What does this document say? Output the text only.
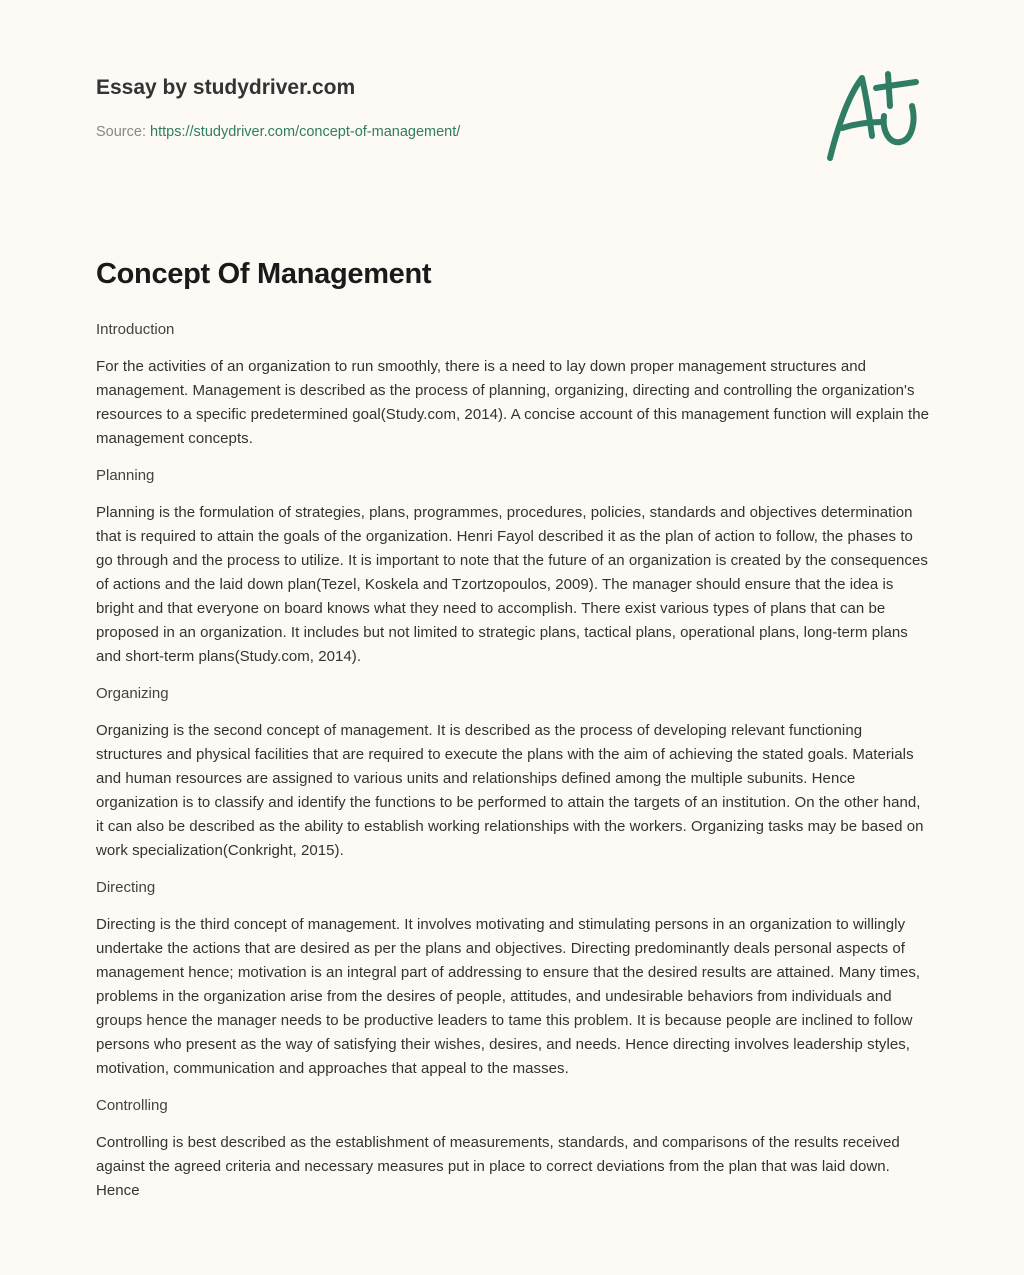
Essay by studydriver.com
Source: https://studydriver.com/concept-of-management/
Concept Of Management

Introduction

For the activities of an organization to run smoothly, there is a need to lay down proper management structures and management. Management is described as the process of planning, organizing, directing and controlling the organization's resources to a specific predetermined goal(Study.com, 2014). A concise account of this management function will explain the management concepts.

Planning

Planning is the formulation of strategies, plans, programmes, procedures, policies, standards and objectives determination that is required to attain the goals of the organization. Henri Fayol described it as the plan of action to follow, the phases to go through and the process to utilize. It is important to note that the future of an organization is created by the consequences of actions and the laid down plan(Tezel, Koskela and Tzortzopoulos, 2009). The manager should ensure that the idea is bright and that everyone on board knows what they need to accomplish. There exist various types of plans that can be proposed in an organization. It includes but not limited to strategic plans, tactical plans, operational plans, long-term plans and short-term plans(Study.com, 2014).

Organizing

Organizing is the second concept of management. It is described as the process of developing relevant functioning structures and physical facilities that are required to execute the plans with the aim of achieving the stated goals. Materials and human resources are assigned to various units and relationships defined among the multiple subunits. Hence organization is to classify and identify the functions to be performed to attain the targets of an institution. On the other hand, it can also be described as the ability to establish working relationships with the workers. Organizing tasks may be based on work specialization(Conkright, 2015).

Directing

Directing is the third concept of management. It involves motivating and stimulating persons in an organization to willingly undertake the actions that are desired as per the plans and objectives. Directing predominantly deals personal aspects of management hence; motivation is an integral part of addressing to ensure that the desired results are attained. Many times, problems in the organization arise from the desires of people, attitudes, and undesirable behaviors from individuals and groups hence the manager needs to be productive leaders to tame this problem. It is because people are inclined to follow persons who present as the way of satisfying their wishes, desires, and needs. Hence directing involves leadership styles, motivation, communication and approaches that appeal to the masses.

Controlling

Controlling is best described as the establishment of measurements, standards, and comparisons of the results received against the agreed criteria and necessary measures put in place to correct deviations from the plan that was laid down. Hence
